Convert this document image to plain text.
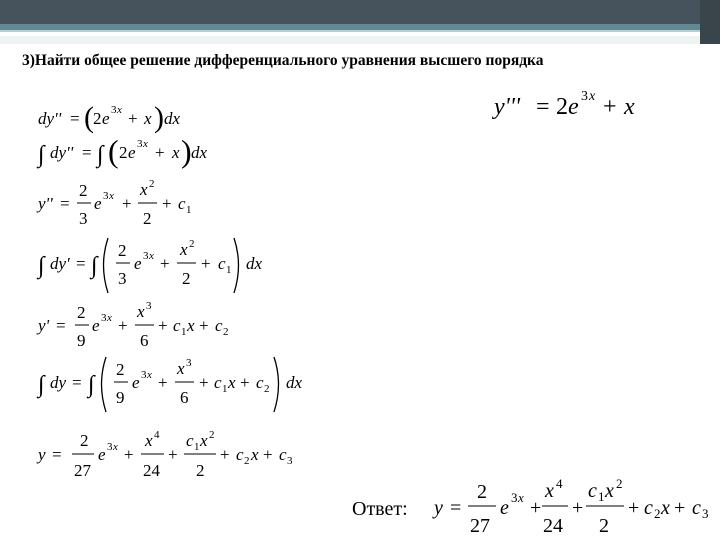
3)Найти общее решение дифференциального уравнения высшего порядка
y''' = 2 e 3 x + x
dy'' = ( 2 e 3 x + x ) dx
∫ dy'' = ∫ ( 2 e 3 x + x ) dx
y'' =
2
3
e 3 x +
x 2
2
+ c 1
∫ dy' = ∫
2
3
e 3 x +
x 2
2
+ c 1 dx
y' =
2
9
e 3 x +
x 3
6
+ c 1 x + c 2
∫ dy = ∫
2
9
e 3 x +
x 3
6
+ c 1 x + c 2 dx
y =
2
27
e 3 x +
x 4
24
+
c 1 x 2
2
+ c 2 x + c 3
y =
2
27
e 3 x +
x 4
24
+
c 1 x 2
2
+ c 2 x + c 3
Ответ:
